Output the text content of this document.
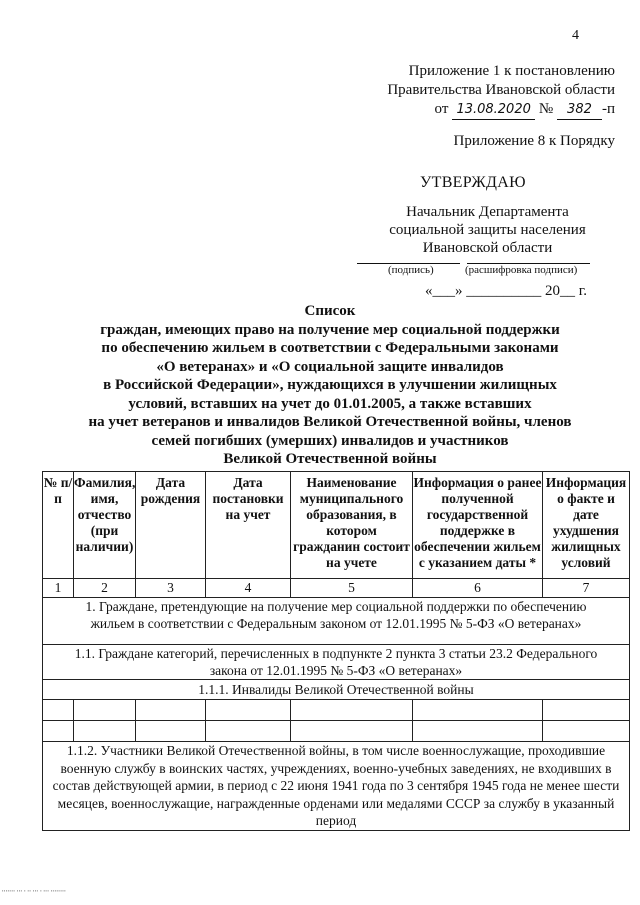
4
Приложение 1 к постановлению
Правительства Ивановской области
от 13.08.2020 № 382 -п
Приложение 8 к Порядку
УТВЕРЖДАЮ
Начальник Департамента
социальной защиты населения
Ивановской области
(подпись)	(расшифровка подписи)
«___» __________ 20__ г.
Список
граждан, имеющих право на получение мер социальной поддержки
по обеспечению жильем в соответствии с Федеральными законами
«О ветеранах» и «О социальной защите инвалидов
в Российской Федерации», нуждающихся в улучшении жилищных
условий, вставших на учет до 01.01.2005, а также вставших
на учет ветеранов и инвалидов Великой Отечественной войны, членов
семей погибших (умерших) инвалидов и участников
Великой Отечественной войны
№ п/п	Фамилия, имя, отчество (при наличии)	Дата рождения	Дата постановки на учет	Наименование муниципального образования, в котором гражданин состоит на учете	Информация о ранее полученной государственной поддержке в обеспечении жильем с указанием даты *	Информация о факте и дате ухудшения жилищных условий
1	2	3	4	5	6	7
1. Граждане, претендующие на получение мер социальной поддержки по обеспечению жильем в соответствии с Федеральным законом от 12.01.1995 № 5-ФЗ «О ветеранах»						
1.1. Граждане категорий, перечисленных в подпункте 2 пункта 3 статьи 23.2 Федерального закона от 12.01.1995 № 5-ФЗ «О ветеранах»						
1.1.1. Инвалиды Великой Отечественной войны						

1.1.2. Участники Великой Отечественной войны, в том числе военнослужащие, проходившие военную службу в воинских частях, учреждениях, военно-учебных заведениях, не входивших в состав действующей армии, в период с 22 июня 1941 года по 3 сентября 1945 года не менее шести месяцев, военнослужащие, награжденные орденами или медалями СССР за службу в указанный период						
▪▪▪▪▪▪▪ ▪▪▪ ▪ ▪▪ ▪▪▪ ▪ ▪▪▪ ▪▪▪▪▪▪▪▪
